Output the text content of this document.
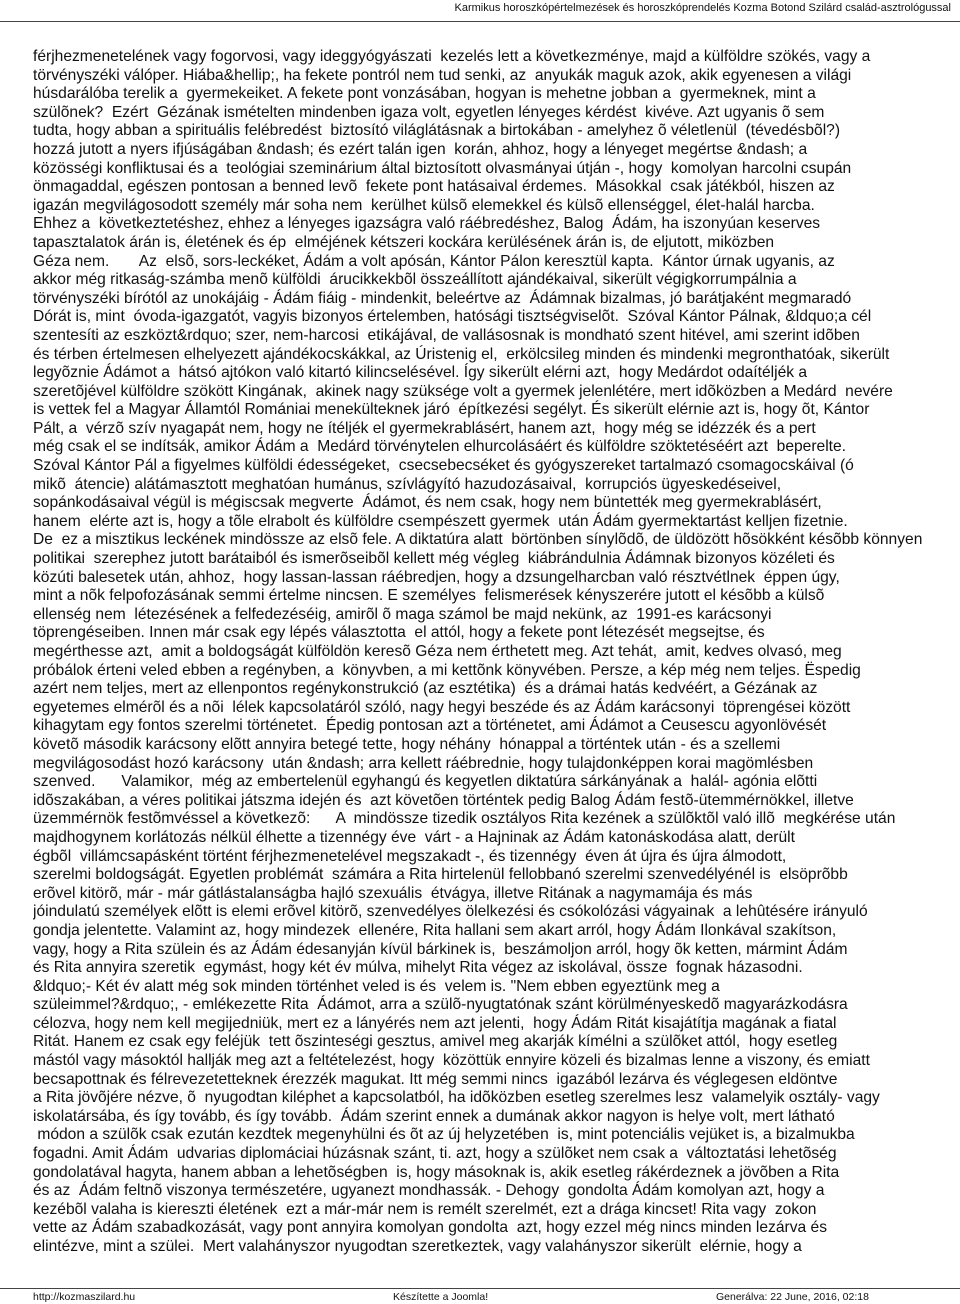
Karmikus horoszkópértelmezések és horoszkóprendelés Kozma Botond Szilárd család-asztrológussal
férjhezmenetelének vagy fogorvosi, vagy ideggyógyászati  kezelés lett a következménye, majd a külföldre szökés, vagy a
törvényszéki válóper. Hiába&hellip;, ha fekete pontról nem tud senki, az  anyukák maguk azok, akik egyenesen a világi
húsdarálóba terelik a  gyermekeiket. A fekete pont vonzásában, hogyan is mehetne jobban a  gyermeknek, mint a
szülõnek?  Ezért  Gézának ismételten mindenben igaza volt, egyetlen lényeges kérdést  kivéve. Azt ugyanis õ sem
tudta, hogy abban a spirituális felébredést  biztosító világlátásnak a birtokában - amelyhez õ véletlenül  (tévedésbõl?)
hozzá jutott a nyers ifjúságában &ndash; és ezért talán igen  korán, ahhoz, hogy a lényeget megértse &ndash; a
közösségi konfliktusai és a  teológiai szeminárium által biztosított olvasmányai útján -, hogy  komolyan harcolni csupán
önmagaddal, egészen pontosan a benned levõ  fekete pont hatásaival érdemes.  Másokkal  csak játékból, hiszen az
igazán megvilágosodott személy már soha nem  kerülhet külsõ elemekkel és külsõ ellenséggel, élet-halál harcba.
Ehhez a  következtetéshez, ehhez a lényeges igazságra való ráébredéshez, Balog  Ádám, ha iszonyúan keserves
tapasztalatok árán is, életének és ép  elméjének kétszeri kockára kerülésének árán is, de eljutott, miközben
Géza nem.       Az  elsõ, sors-leckéket, Ádám a volt apósán, Kántor Pálon keresztül kapta.  Kántor úrnak ugyanis, az
akkor még ritkaság-számba menõ külföldi  árucikkekbõl összeállított ajándékaival, sikerült végigkorrumpálnia a
törvényszéki bírótól az unokájáig - Ádám fiáig - mindenkit, beleértve az  Ádámnak bizalmas, jó barátjaként megmaradó
Dórát is, mint  óvoda-igazgatót, vagyis bizonyos értelemben, hatósági tisztségviselõt.  Szóval Kántor Pálnak, &ldquo;a cél
szentesíti az eszközt&rdquo; szer, nem-harcosi  etikájával, de vallásosnak is mondható szent hitével, ami szerint idõben
és térben értelmesen elhelyezett ajándékocskákkal, az Úristenig el,  erkölcsileg minden és mindenki megronthatóak, sikerült
legyõznie Ádámot a  hátsó ajtókon való kitartó kilincselésével. Így sikerült elérni azt,  hogy Medárdot odaítéljék a
szeretõjével külföldre szökött Kingának,  akinek nagy szüksége volt a gyermek jelenlétére, mert idõközben a Medárd  nevére
is vettek fel a Magyar Államtól Romániai menekülteknek járó  építkezési segélyt. És sikerült elérnie azt is, hogy õt, Kántor
Pált, a  vérzõ szív nyagapát nem, hogy ne ítéljék el gyermekrablásért, hanem azt,  hogy még se idézzék és a pert
még csak el se indítsák, amikor Ádám a  Medárd törvénytelen elhurcolásáért és külföldre szöktetéséért azt  beperelte.
Szóval Kántor Pál a figyelmes külföldi édességeket,  csecsebecséket és gyógyszereket tartalmazó csomagocskáival (ó
mikõ  átencie) alátámasztott meghatóan humánus, szívlágyító hazudozásaival,  korrupciós ügyeskedéseivel,
sopánkodásaival végül is mégiscsak megverte  Ádámot, és nem csak, hogy nem büntették meg gyermekrablásért,
hanem  elérte azt is, hogy a tõle elrabolt és külföldre csempészett gyermek  után Ádám gyermektartást kelljen fizetnie.
De  ez a misztikus leckének mindössze az elsõ fele. A diktatúra alatt  börtönben sínylõdõ, de üldözött hõsökként késõbb könnyen
politikai  szerephez jutott barátaiból és ismerõseibõl kellett még végleg  kiábrándulnia Ádámnak bizonyos közéleti és
közúti balesetek után, ahhoz,  hogy lassan-lassan ráébredjen, hogy a dzsungelharcban való résztvétlnek  éppen úgy,
mint a nõk felpofozásának semmi értelme nincsen. E személyes  felismerések kényszerére jutott el késõbb a külsõ
ellenség nem  létezésének a felfedezéséig, amirõl õ maga számol be majd nekünk, az  1991-es karácsonyi
töprengéseiben. Innen már csak egy lépés választotta  el attól, hogy a fekete pont létezését megsejtse, és
megérthesse azt,  amit a boldogságát külföldön keresõ Géza nem érthetett meg. Azt tehát,  amit, kedves olvasó, meg
próbálok érteni veled ebben a regényben, a  könyvben, a mi kettõnk könyvében. Persze, a kép még nem teljes. Ëspedig
azért nem teljes, mert az ellenpontos regénykonstrukció (az esztétika)  és a drámai hatás kedvéért, a Gézának az
egyetemes elmérõl és a nõi  lélek kapcsolatáról szóló, nagy hegyi beszéde és az Ádám karácsonyi  töprengései között
kihagytam egy fontos szerelmi történetet.  Épedig pontosan azt a történetet, ami Ádámot a Ceusescu agyonlövését
követõ második karácsony elõtt annyira betegé tette, hogy néhány  hónappal a történtek után - és a szellemi
megvilágosodást hozó karácsony  után &ndash; arra kellett ráébrednie, hogy tulajdonképpen korai magömlésben
szenved.      Valamikor,  még az embertelenül egyhangú és kegyetlen diktatúra sárkányának a  halál- agónia elõtti
idõszakában, a véres politikai játszma idején és  azt követõen történtek pedig Balog Ádám festõ-ütemmérnökkel, illetve
üzemmérnök festõmvéssel a következõ:      A  mindössze tizedik osztályos Rita kezének a szülõktõl való illõ  megkérése után
majdhogynem korlátozás nélkül élhette a tizennégy éve  várt - a Hajninak az Ádám katonáskodása alatt, derült
égbõl  villámcsapásként történt férjhezmenetelével megszakadt -, és tizennégy  éven át újra és újra álmodott,
szerelmi boldogságát. Egyetlen problémát  számára a Rita hirtelenül fellobbanó szerelmi szenvedélyénél is  elsöprõbb
erõvel kitörõ, már - már gátlástalanságba hajló szexuális  étvágya, illetve Ritának a nagymamája és más
jóindulatú személyek elõtt is elemi erõvel kitörõ, szenvedélyes ölelkezési és csókolózási vágyainak  a lehûtésére irányuló
gondja jelentette. Valamint az, hogy mindezek  ellenére, Rita hallani sem akart arról, hogy Ádám Ilonkával szakítson,
vagy, hogy a Rita szülein és az Ádám édesanyján kívül bárkinek is,  beszámoljon arról, hogy õk ketten, mármint Ádám
és Rita annyira szeretik  egymást, hogy két év múlva, mihelyt Rita végez az iskolával, össze  fognak házasodni.
&ldquo;- Két év alatt még sok minden történhet veled is és  velem is. "Nem ebben egyeztünk meg a
szüleimmel?&rdquo;, - emlékezette Rita  Ádámot, arra a szülõ-nyugtatónak szánt körülményeskedõ magyarázkodásra
célozva, hogy nem kell megijedniük, mert ez a lányérés nem azt jelenti,  hogy Ádám Ritát kisajátítja magának a fiatal
Ritát. Hanem ez csak egy feléjük  tett õszinteségi gesztus, amivel meg akarják kímélni a szülõket attól,  hogy esetleg
mástól vagy másoktól hallják meg azt a feltételezést, hogy  közöttük ennyire közeli és bizalmas lenne a viszony, és emiatt
becsapottnak és félrevezetetteknek érezzék magukat. Itt még semmi nincs  igazából lezárva és véglegesen eldöntve
a Rita jövõjére nézve, õ  nyugodtan kiléphet a kapcsolatból, ha idõközben esetleg szerelmes lesz  valamelyik osztály- vagy
iskolatársába, és így tovább, és így tovább.  Ádám szerint ennek a dumának akkor nagyon is helye volt, mert látható
módon a szülõk csak ezután kezdtek megenyhülni és õt az új helyzetében  is, mint potenciális vejüket is, a bizalmukba
fogadni. Amit Ádám  udvarias diplomáciai húzásnak szánt, ti. azt, hogy a szülõket nem csak a  változtatási lehetõség
gondolatával hagyta, hanem abban a lehetõségben  is, hogy másoknak is, akik esetleg rákérdeznek a jövõben a Rita
és az  Ádám feltnõ viszonya természetére, ugyanezt mondhassák. - Dehogy  gondolta Ádám komolyan azt, hogy a
kezébõl valaha is kiereszti életének  ezt a már-már nem is remélt szerelmét, ezt a drága kincset! Rita vagy  zokon
vette az Ádám szabadkozását, vagy pont annyira komolyan gondolta  azt, hogy ezzel még nincs minden lezárva és
elintézve, mint a szülei.  Mert valahányszor nyugodtan szeretkeztek, vagy valahányszor sikerült  elérnie, hogy a
http://kozmaszilard.hu	Készítette a Joomla!	Generálva: 22 June, 2016, 02:18
